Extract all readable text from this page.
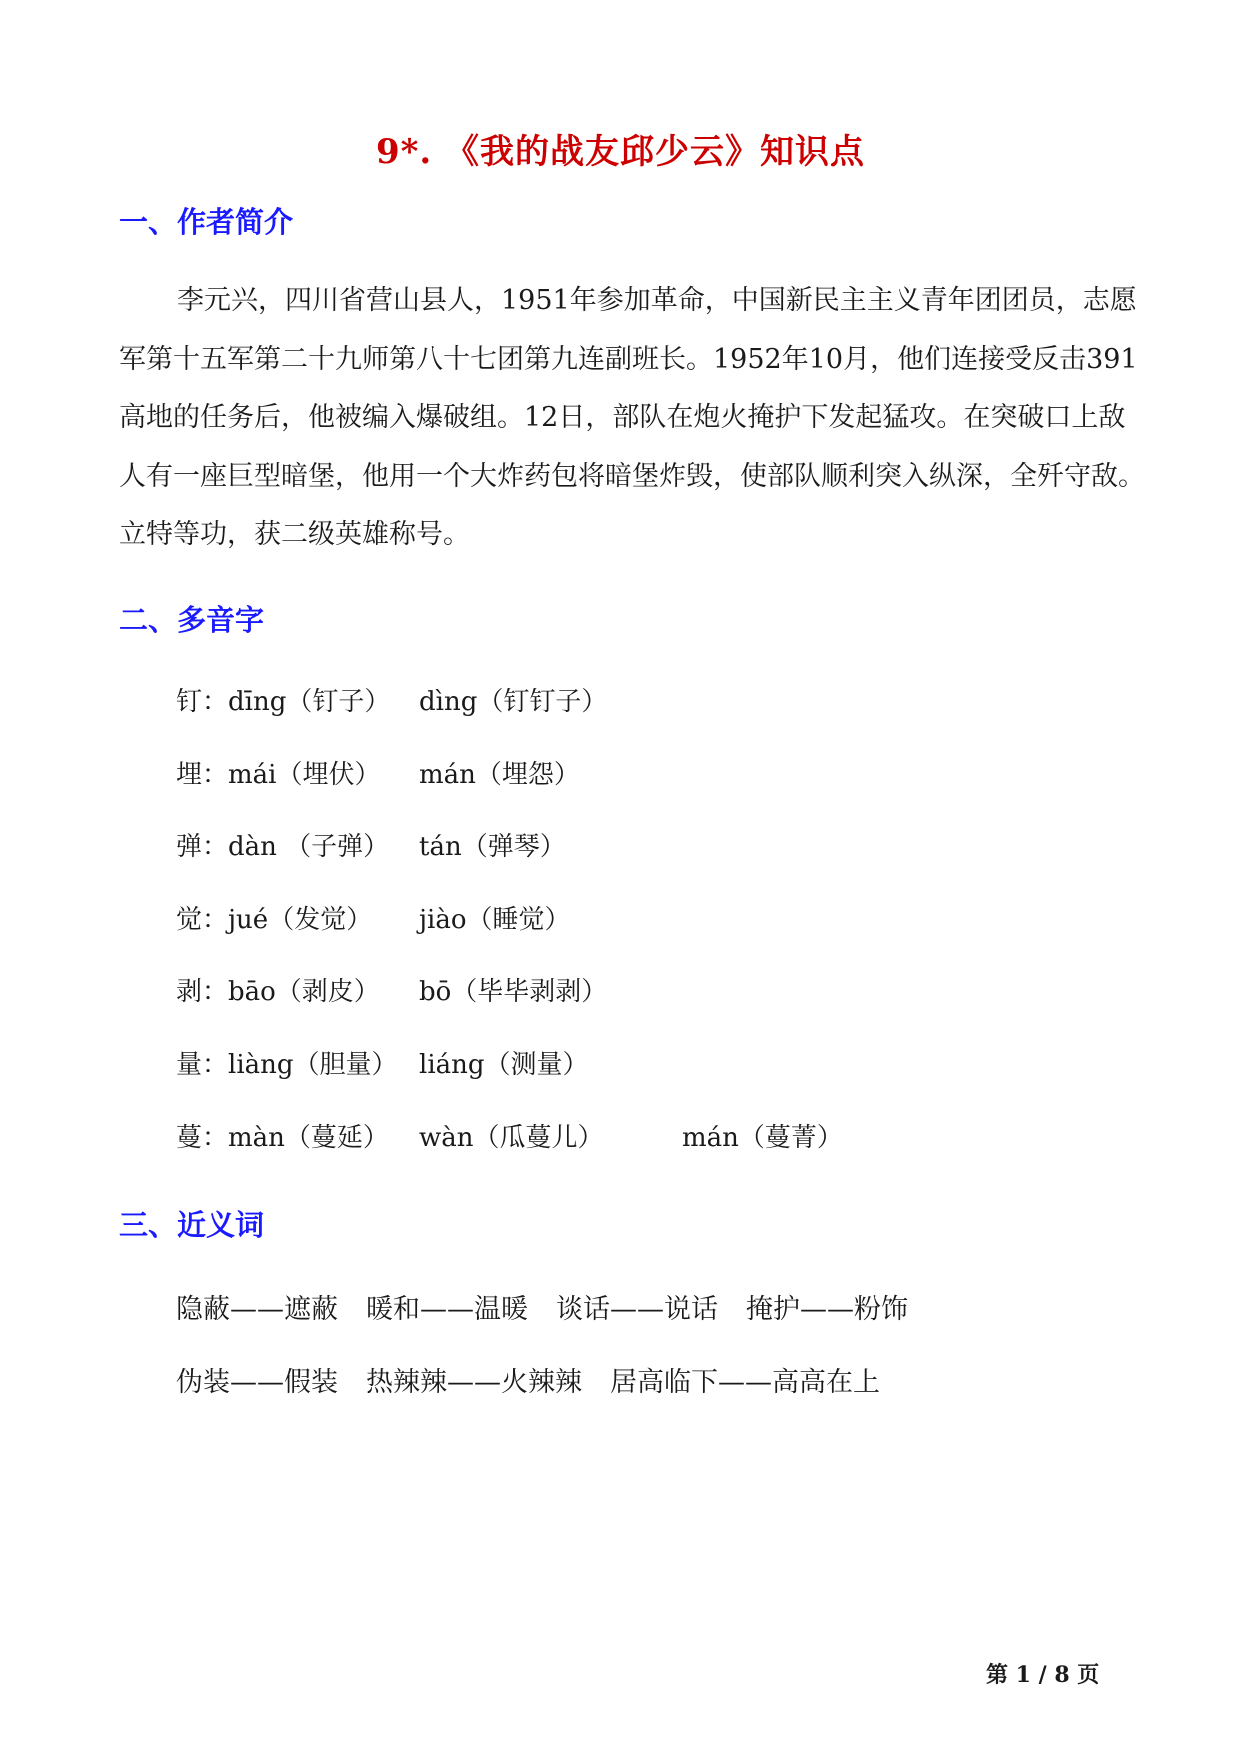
9*. 《我的战友邱少云》知识点
一、作者简介
李元兴，四川省营山县人，1951年参加革命，中国新民主主义青年团团员，志愿军第十五军第二十九师第八十七团第九连副班长。1952年10月，他们连接受反击391高地的任务后，他被编入爆破组。12日，部队在炮火掩护下发起猛攻。在突破口上敌人有一座巨型暗堡，他用一个大炸药包将暗堡炸毁，使部队顺利突入纵深，全歼守敌。立特等功，获二级英雄称号。
二、多音字
钉： dīng（钉子） dìng（钉钉子）
埋： mái（埋伏） mán（埋怨）
弹： dàn （子弹） tán（弹琴）
觉： jué（发觉） jiào（睡觉）
剥： bāo（剥皮） bō（毕毕剥剥）
量： liàng（胆量） liáng（测量）
蔓： màn（蔓延） wàn（瓜蔓儿）	mán（蔓菁）
三、近义词
隐蔽——遮蔽 暖和——温暖 谈话——说话 掩护——粉饰
伪装——假装 热辣辣——火辣辣 居高临下——高高在上
第 1 / 8 页
